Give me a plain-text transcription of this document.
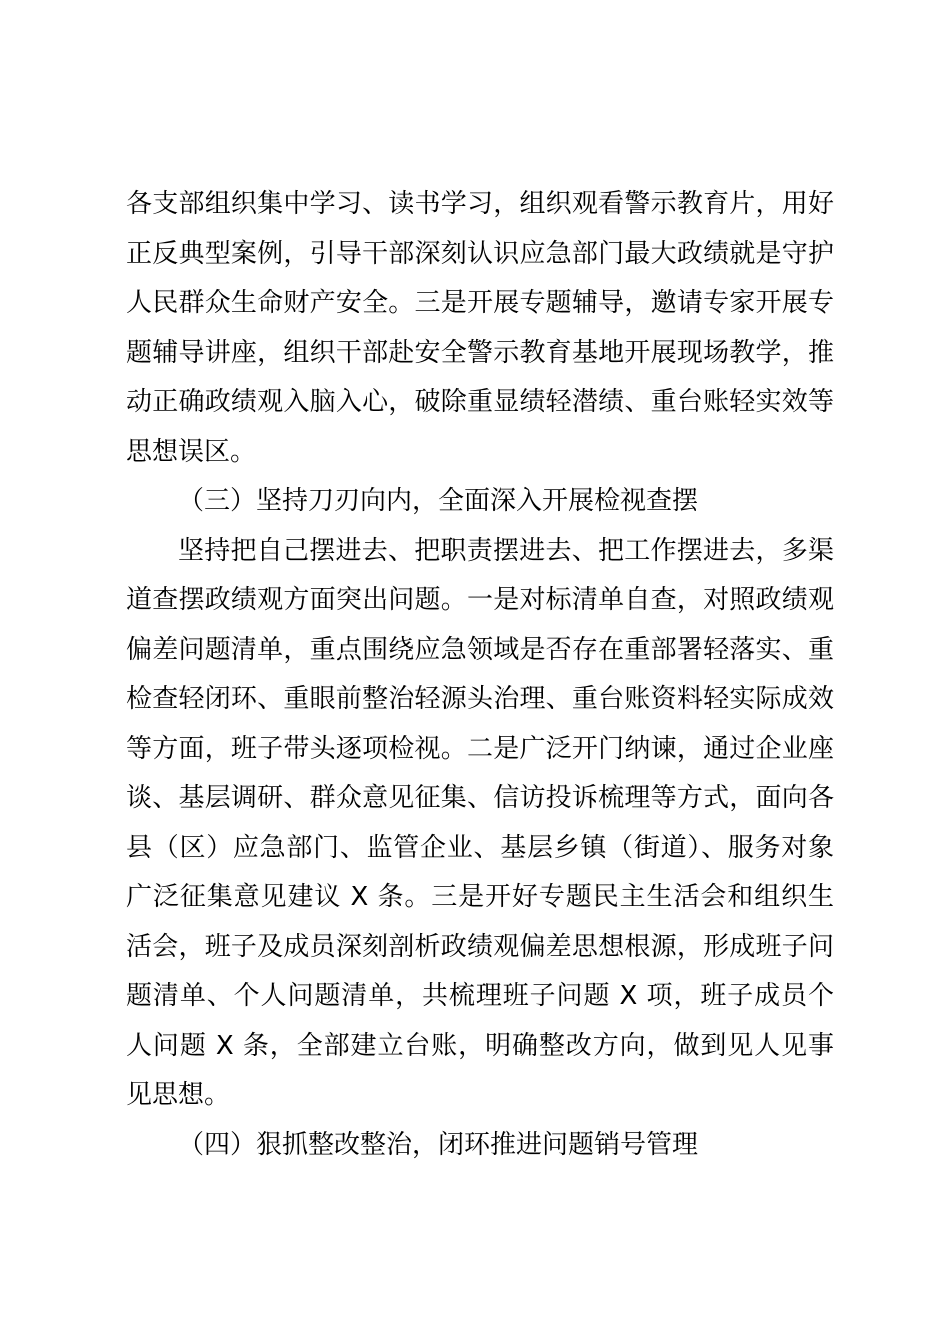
各支部组织集中学习、读书学习，组织观看警示教育片，用好正反典型案例，引导干部深刻认识应急部门最大政绩就是守护人民群众生命财产安全。三是开展专题辅导，邀请专家开展专题辅导讲座，组织干部赴安全警示教育基地开展现场教学，推动正确政绩观入脑入心，破除重显绩轻潜绩、重台账轻实效等思想误区。

（三）坚持刀刃向内，全面深入开展检视查摆

坚持把自己摆进去、把职责摆进去、把工作摆进去，多渠道查摆政绩观方面突出问题。一是对标清单自查，对照政绩观偏差问题清单，重点围绕应急领域是否存在重部署轻落实、重检查轻闭环、重眼前整治轻源头治理、重台账资料轻实际成效等方面，班子带头逐项检视。二是广泛开门纳谏，通过企业座谈、基层调研、群众意见征集、信访投诉梳理等方式，面向各县（区）应急部门、监管企业、基层乡镇（街道）、服务对象广泛征集意见建议 X 条。三是开好专题民主生活会和组织生活会，班子及成员深刻剖析政绩观偏差思想根源，形成班子问题清单、个人问题清单，共梳理班子问题 X 项，班子成员个人问题 X 条，全部建立台账，明确整改方向，做到见人见事见思想。

（四）狠抓整改整治，闭环推进问题销号管理
